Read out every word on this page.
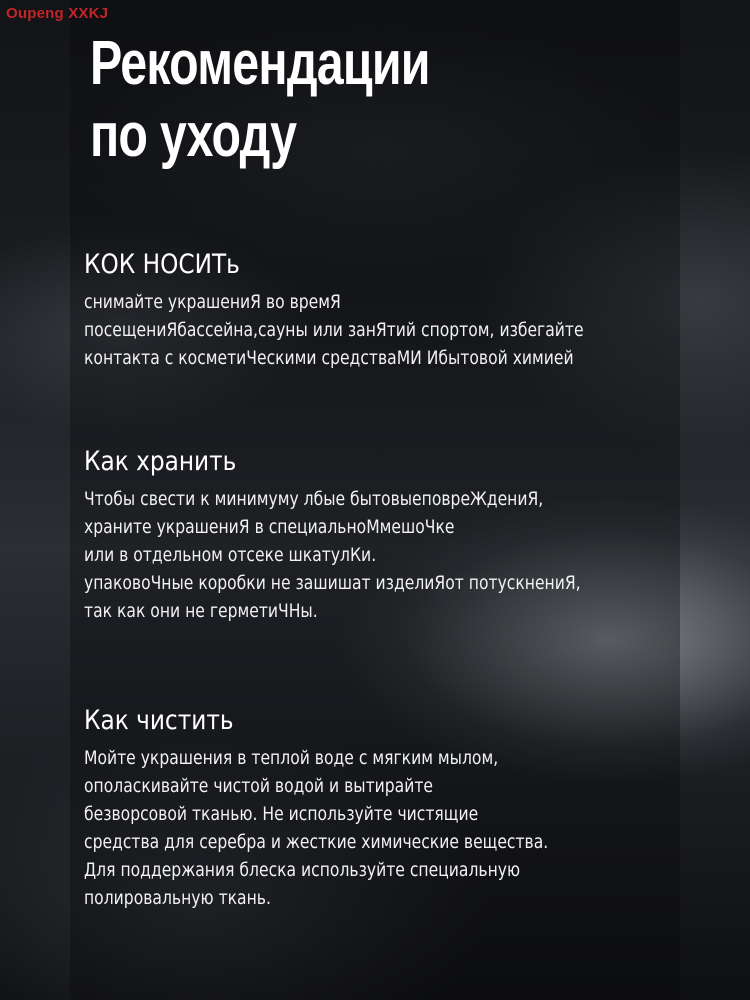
Oupeng XXKJ
Рекомендации
по уходу
КОК НОСИТь
снимайте украшениЯ во времЯ
посещениЯбассейна,сауны или занЯтий спортом, избегайте
контакта с косметиЧескими средстваМИ Ибытовой химией
Как хранить
Чтобы свести к минимуму лбые бытовыеповреЖдениЯ,
храните украшениЯ в специальноМмешоЧке
или в отдельном отсеке шкатулКи.
упаковоЧные коробки не зашишат изделиЯот потускнениЯ,
так как они не герметиЧНы.
Как чистить
Мойте украшения в теплой воде с мягким мылом,
ополаскивайте чистой водой и вытирайте
безворсовой тканью. Не используйте чистящие
средства для серебра и жесткие химические вещества.
Для поддержания блеска используйте специальную
полировальную ткань.
